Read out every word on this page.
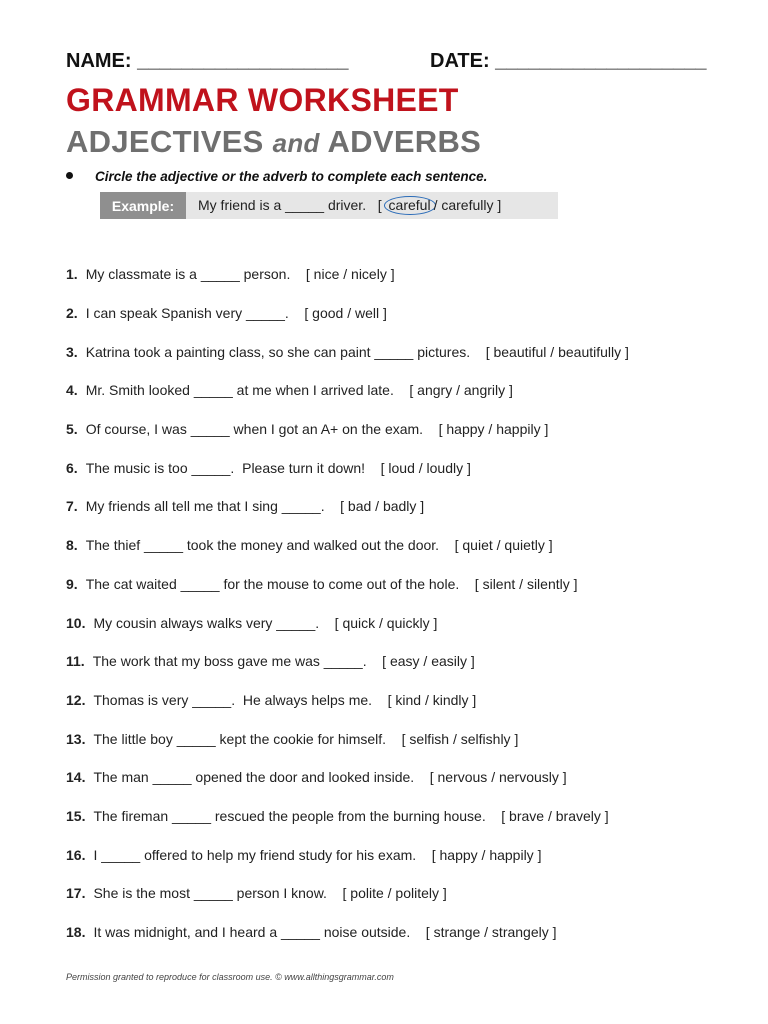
NAME: ___________________	DATE: ___________________
GRAMMAR WORKSHEET
ADJECTIVES and ADVERBS
Circle the adjective or the adverb to complete each sentence.
Example:	My friend is a _____ driver.   [ careful / carefully ]
1. My classmate is a _____ person.    [ nice / nicely ]
2. I can speak Spanish very _____.    [ good / well ]
3. Katrina took a painting class, so she can paint _____ pictures.    [ beautiful / beautifully ]
4. Mr. Smith looked _____ at me when I arrived late.    [ angry / angrily ]
5. Of course, I was _____ when I got an A+ on the exam.    [ happy / happily ]
6. The music is too _____.  Please turn it down!    [ loud / loudly ]
7. My friends all tell me that I sing _____.    [ bad / badly ]
8. The thief _____ took the money and walked out the door.    [ quiet / quietly ]
9. The cat waited _____ for the mouse to come out of the hole.    [ silent / silently ]
10. My cousin always walks very _____.    [ quick / quickly ]
11. The work that my boss gave me was _____.    [ easy / easily ]
12. Thomas is very _____.  He always helps me.    [ kind / kindly ]
13. The little boy _____ kept the cookie for himself.    [ selfish / selfishly ]
14. The man _____ opened the door and looked inside.    [ nervous / nervously ]
15. The fireman _____ rescued the people from the burning house.    [ brave / bravely ]
16. I _____ offered to help my friend study for his exam.    [ happy / happily ]
17. She is the most _____ person I know.    [ polite / politely ]
18. It was midnight, and I heard a _____ noise outside.    [ strange / strangely ]
Permission granted to reproduce for classroom use. © www.allthingsgrammar.com
